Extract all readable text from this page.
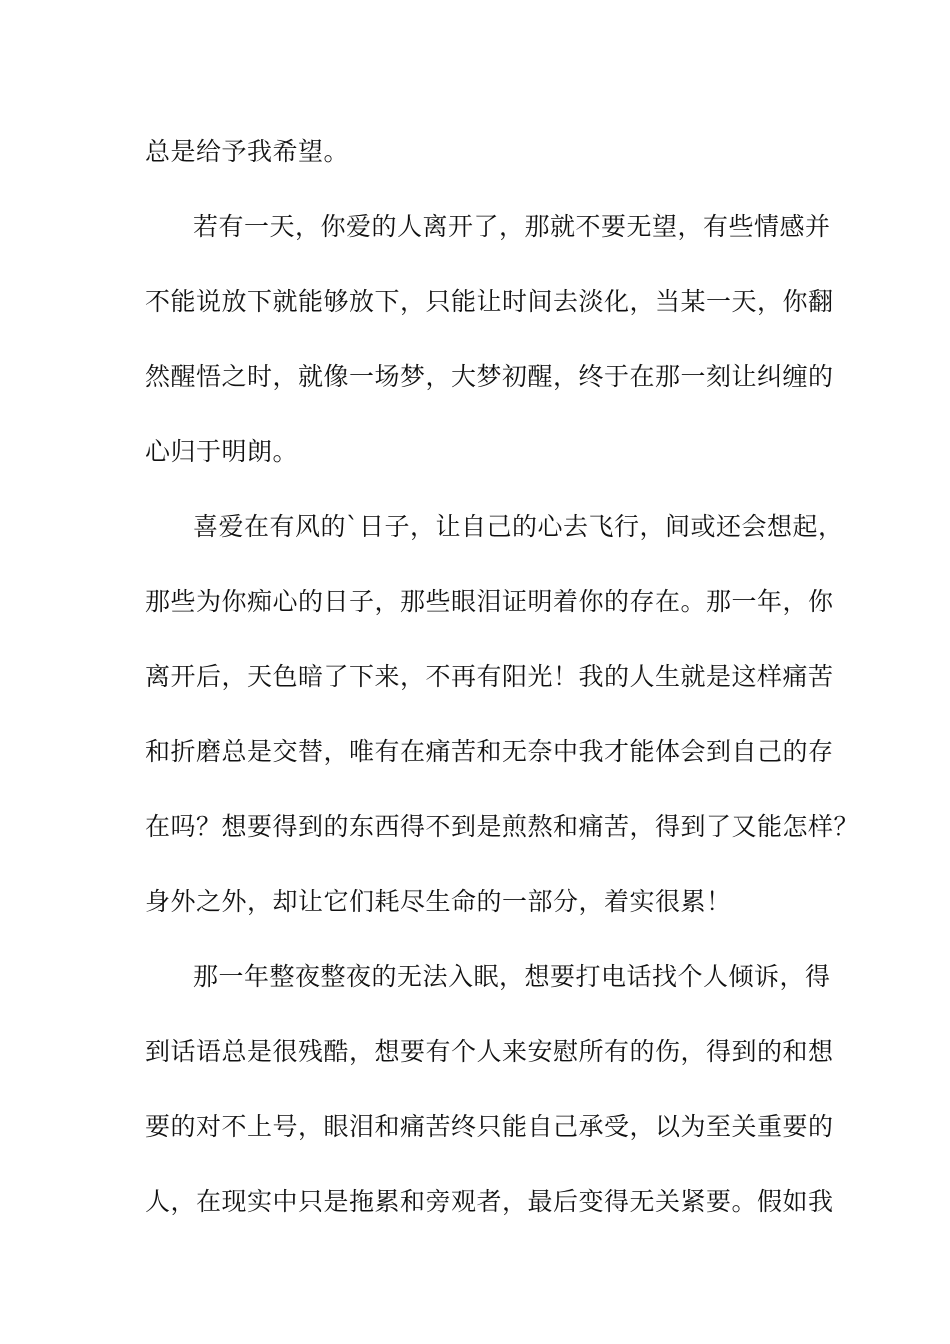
总是给予我希望。
若有一天，你爱的人离开了，那就不要无望，有些情感并
不能说放下就能够放下，只能让时间去淡化，当某一天，你翻
然醒悟之时，就像一场梦，大梦初醒，终于在那一刻让纠缠的
心归于明朗。
喜爱在有风的`日子，让自己的心去飞行，间或还会想起，
那些为你痴心的日子，那些眼泪证明着你的存在。那一年，你
离开后，天色暗了下来，不再有阳光！我的人生就是这样痛苦
和折磨总是交替，唯有在痛苦和无奈中我才能体会到自己的存
在吗？想要得到的东西得不到是煎熬和痛苦，得到了又能怎样？
身外之外，却让它们耗尽生命的一部分，着实很累！
那一年整夜整夜的无法入眠，想要打电话找个人倾诉，得
到话语总是很残酷，想要有个人来安慰所有的伤，得到的和想
要的对不上号，眼泪和痛苦终只能自己承受，以为至关重要的
人，在现实中只是拖累和旁观者，最后变得无关紧要。假如我
